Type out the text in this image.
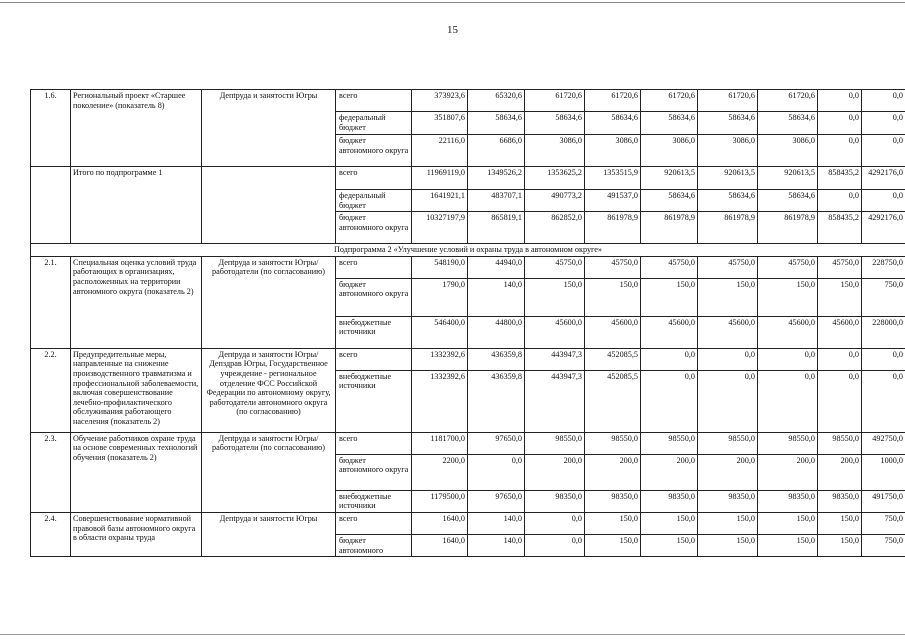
15
1.6.	Региональный проект «Старшее поколение» (показатель 8)	Депtруда и занятости Югры	всего	373923,6	65320,6	61720,6	61720,6	61720,6	61720,6	61720,6	0,0	0,0
			федеральный бюджет	351807,6	58634,6	58634,6	58634,6	58634,6	58634,6	58634,6	0,0	0,0
			бюджет автономного округа	22116,0	6686,0	3086,0	3086,0	3086,0	3086,0	3086,0	0,0	0,0
	Итого по подпрограмме 1		всего	11969119,0	1349526,2	1353625,2	1353515,9	920613,5	920613,5	920613,5	858435,2	4292176,0
			федеральный бюджет	1641921,1	483707,1	490773,2	491537,0	58634,6	58634,6	58634,6	0,0	0,0
			бюджет автономного округа	10327197,9	865819,1	862852,0	861978,9	861978,9	861978,9	861978,9	858435,2	4292176,0
Подпрограмма 2 «Улучшение условий и охраны труда в автономном округе»												
2.1.	Специальная оценка условий труда работающих в организациях, расположенных на территории автономного округа (показатель 2)	Депtруда и занятости Югры/работодатели (по согласованию)	всего	548190,0	44940,0	45750,0	45750,0	45750,0	45750,0	45750,0	45750,0	228750,0
			бюджет автономного округа	1790,0	140,0	150,0	150,0	150,0	150,0	150,0	150,0	750,0
			внебюджетные источники	546400,0	44800,0	45600,0	45600,0	45600,0	45600,0	45600,0	45600,0	228000,0
2.2.	Предупредительные меры, направленные на снижение производственного травматизма и профессиональной заболеваемости, включая совершенствование лечебно-профилактического обслуживания работающего населения (показатель 2)	Депtруда и занятости Югры/Депздрав Югры, Государственное учреждение - региональное отделение ФСС Российской Федерации по автономному округу, работодатели автономного округа (по согласованию)	всего	1332392,6	436359,8	443947,3	452085,5	0,0	0,0	0,0	0,0	0,0
			внебюджетные источники	1332392,6	436359,8	443947,3	452085,5	0,0	0,0	0,0	0,0	0,0
2.3.	Обучение работников охране труда на основе современных технологий обучения (показатель 2)	Депtруда и занятости Югры/работодатели (по согласованию)	всего	1181700,0	97650,0	98550,0	98550,0	98550,0	98550,0	98550,0	98550,0	492750,0
			бюджет автономного округа	2200,0	0,0	200,0	200,0	200,0	200,0	200,0	200,0	1000,0
			внебюджетные источники	1179500,0	97650,0	98350,0	98350,0	98350,0	98350,0	98350,0	98350,0	491750,0
2.4.	Совершенствование нормативной правовой базы автономного округа в области охраны труда	Депtруда и занятости Югры	всего	1640,0	140,0	0,0	150,0	150,0	150,0	150,0	150,0	750,0
			бюджет автономного	1640,0	140,0	0,0	150,0	150,0	150,0	150,0	150,0	750,0
